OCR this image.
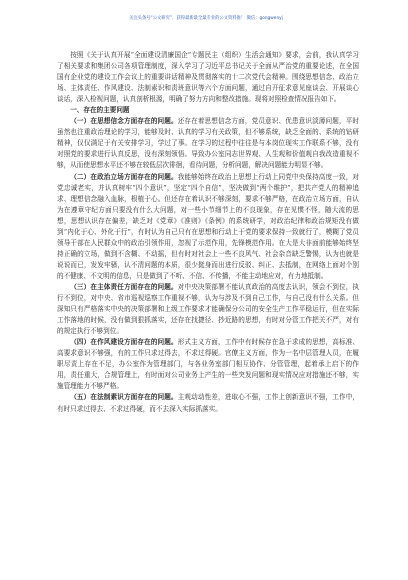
关注头条号“公文研究”，获得最新最全最专业的公文资料推！ 微信：gongwenyj

按照《关于认真开展“全面建设清廉国企”专题民主（组织）生活会通知》要求，会前，我认真学习了相关要求和集团公司各项管理制度，深入学习了习近平总书记关于全面从严治党的重要论述，在全国国有企业党的建设工作会议上的重要讲话精神及贯彻落实的十二次党代会精神。围绕思想信念、政治立场、主体责任、作风建设、法制素识和责班意识等六个方面问题，通过自开征求意见座谈会、开展谈心谈话，深入检视问题，认真剖析根源，明确了努力方向和整改措施。现将对照检查情况报告如下。

一、存在的主要问题

（一）在思想信念方面存在的问题。还存在着思想信念方面，党员意识、优患意识淡薄问题，平时虽然也注重政治理论的学习，能够及时、认真的学习有关政策，但不够系统，缺乏全面的、系统的钻研精神，仅仅满足于有关安排学习，学过了事。在学习的过程中往往是与本岗位现实工作联系不够，没有对照党的要求进行认真反思，没有深刻领悟。导致办公室同志世界观、人生观和价值观自我改造重视不够，从而使思想水平还不够在较低层次徘徊，看待问题，分析问题，解决问题能力明显不够。

（二）在政治立场方面存在的问题。我能够始终在政治上思想上行动上同党中央保持高度一致，对党忠诚老实，并认真树牢“四个意识”，坚定“四个自信”，坚决做到“两个维护”，把共产党人的精神追求、理想信念融入血脉，根植于心。但还存在着认识不够深刻，要求不够严格，在政治立场方面，自认为在遵章守纪方面只要没有什么大问题，对一些小节细节上的不良现象，存在见惯不怪，随大流的思想，思想认识存在偏差，缺乏对《党章》《准则》《条例》的系统研学，对政治纪律和政治规矩没有做到“内化于心、外化于行”，有时认为自己只有在思想和行动上于党的要求保持一致就行了，模糊了党员领导干部在人民群众中的政治引领作用，忽视了示范作用，先锋模范作用。在大是大非面前能够始终坚持正确的立场，做到不含糊、不动摇，但有时对社会上一些不良风气、社会杂音缺乏警惕，认为也就是说说而已，发发牢骚，认不清问题的本质，很少挺身而出进行反驳、纠正、去抵制，在网络上面对个别的不健康、不文明的信息，只是做到了不听、不信、不传播，不能主动地应对，有力地抵制。

（三）在主体责任方面存在的问题。对中央决策部署不能认真政治的高度去认识，领会不到位，执行不到位，对中央、省市巡视巡察工作重视不够，认为与涉及不到自己工作，与自己没有什么关系。但深知只有严格落实中央的决策部署和上级工作要求才能确保分公司的安全生产工作平稳运行，但在实际工作落地的时候，没有做到狠抓落实，还存在找捷径、抄近路的思想，有时对分管工作把关不严，对有的规定执行不够到位。

（四）在作风建设方面存在的问题。形式主义方面，工作中有时候存在急于求成的思想，高标准、高要求意识不够强，有的工作只求过得去，不求过得硬。官僚主义方面，作为一名中层管理人员，在履职尽责上存在不足，办公室作为管理部门，与各业务室部门相互协作、分管管理，起着承上启下的作用，责任重大，合规管理上，有时面对公司业务上产生的一些突发问题和现实情况应对措施还不够，实施管理能力不够严格。

（五）在法制素识方面存在的问题。主观动动性差，进取心不强，工作上创新意识不强，工作中，有时只求过得去、不求过得硬，而不去深入实际抓落实。
